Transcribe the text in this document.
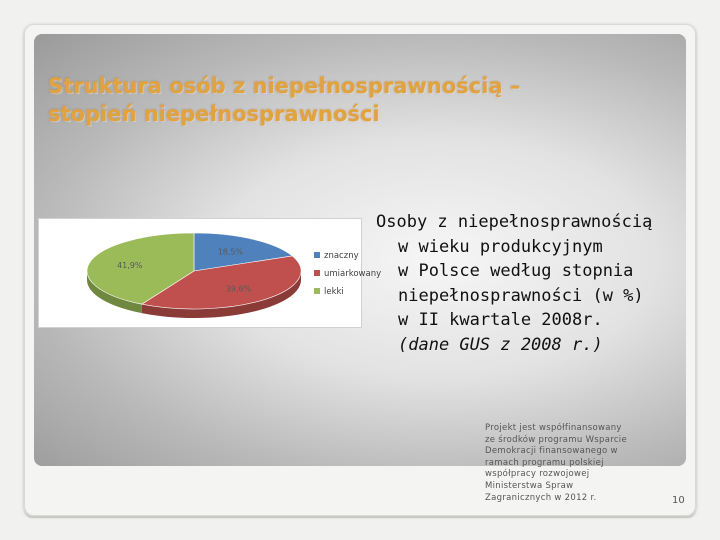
Struktura osób z niepełnosprawnością –
stopień niepełnosprawności
18,5%
39,6%
41,9%
znaczny
umiarkowany
lekki
Osoby z niepełnosprawnością
w wieku produkcyjnym
w Polsce według stopnia
niepełnosprawności (w %)
w II kwartale 2008r.
(dane GUS z 2008 r.)
Projekt jest współfinansowany
ze środków programu Wsparcie
Demokracji finansowanego w
ramach programu polskiej
współpracy rozwojowej
Ministerstwa Spraw
Zagranicznych w 2012 r.	10
